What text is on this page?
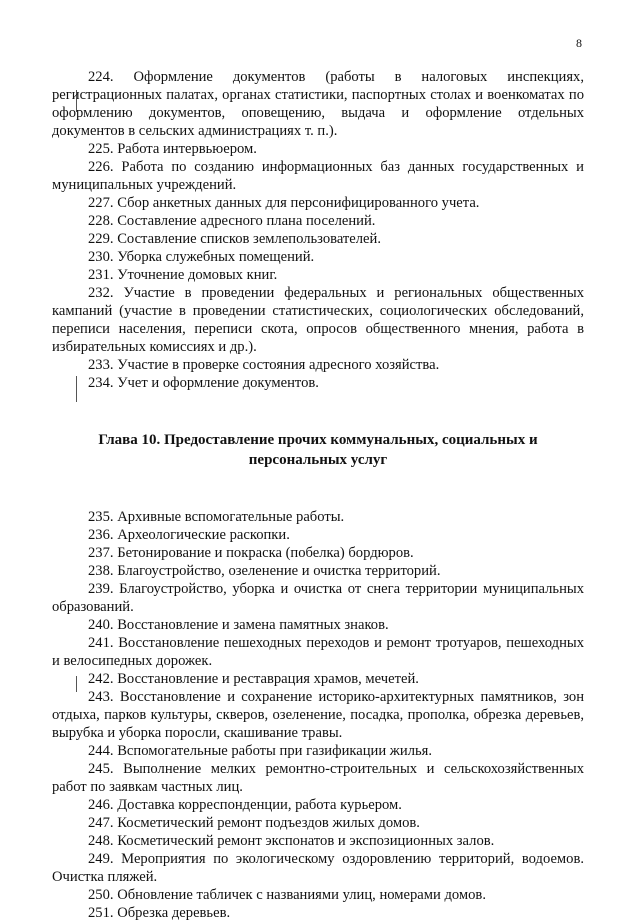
8

224. Оформление документов (работы в налоговых инспекциях, регистрационных палатах, органах статистики, паспортных столах и военкоматах по оформлению документов, оповещению, выдача и оформление отдельных документов в сельских администрациях т. п.).

225. Работа интервьюером.

226. Работа по созданию информационных баз данных государственных и муниципальных учреждений.

227. Сбор анкетных данных для персонифицированного учета.

228. Составление адресного плана поселений.

229. Составление списков землепользователей.

230. Уборка служебных помещений.

231. Уточнение домовых книг.

232. Участие в проведении федеральных и региональных общественных кампаний (участие в проведении статистических, социологических обследований, переписи населения, переписи скота, опросов общественного мнения, работа в избирательных комиссиях и др.).

233. Участие в проверке состояния адресного хозяйства.

234. Учет и оформление документов.

Глава 10. Предоставление прочих коммунальных, социальных и персональных услуг

235. Архивные вспомогательные работы.

236. Археологические раскопки.

237. Бетонирование и покраска (побелка) бордюров.

238. Благоустройство, озеленение и очистка территорий.

239. Благоустройство, уборка и очистка от снега территории муниципальных образований.

240. Восстановление и замена памятных знаков.

241. Восстановление пешеходных переходов и ремонт тротуаров, пешеходных и велосипедных дорожек.

242. Восстановление и реставрация храмов, мечетей.

243. Восстановление и сохранение историко-архитектурных памятников, зон отдыха, парков культуры, скверов, озеленение, посадка, прополка, обрезка деревьев, вырубка и уборка поросли, скашивание травы.

244. Вспомогательные работы при газификации жилья.

245. Выполнение мелких ремонтно-строительных и сельскохозяйственных работ по заявкам частных лиц.

246. Доставка корреспонденции, работа курьером.

247. Косметический ремонт подъездов жилых домов.

248. Косметический ремонт экспонатов и экспозиционных залов.

249. Мероприятия по экологическому оздоровлению территорий, водоемов. Очистка пляжей.

250. Обновление табличек с названиями улиц, номерами домов.

251. Обрезка деревьев.
